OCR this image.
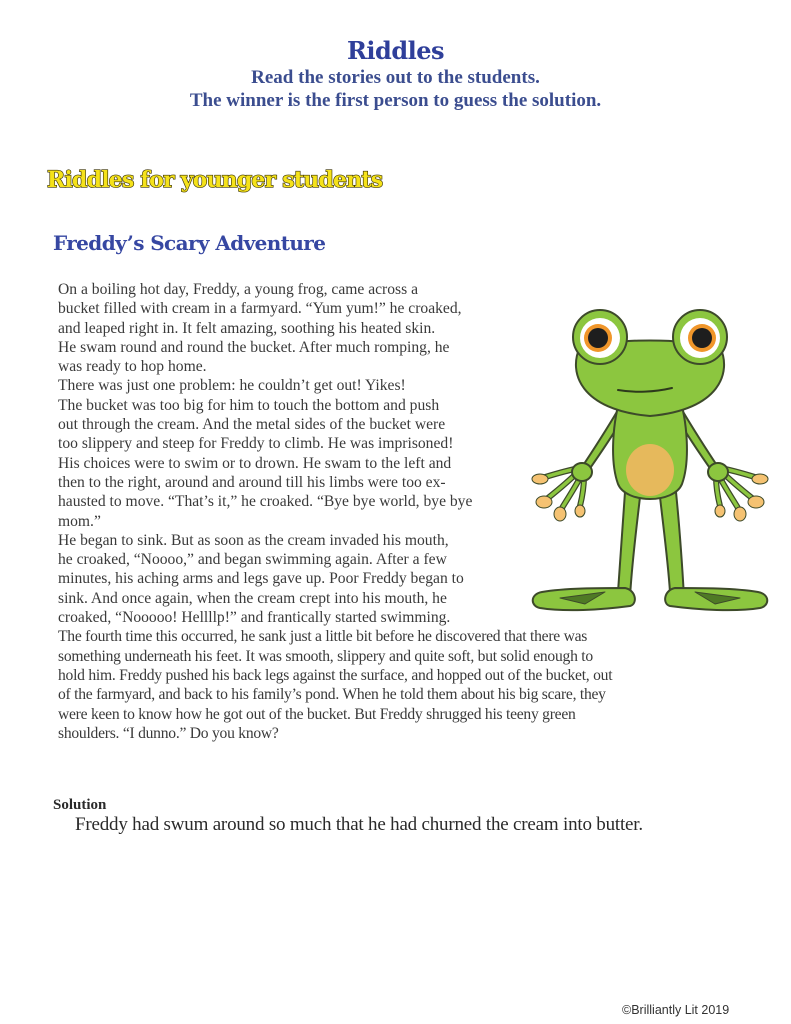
Riddles
Read the stories out to the students.
The winner is the first person to guess the solution.
Riddles for younger students
Freddy’s Scary Adventure
On a boiling hot day, Freddy, a young frog, came across a
bucket filled with cream in a farmyard. “Yum yum!” he croaked,
and leaped right in. It felt amazing, soothing his heated skin.
He swam round and round the bucket. After much romping, he
was ready to hop home.
There was just one problem: he couldn’t get out! Yikes!
The bucket was too big for him to touch the bottom and push
out through the cream. And the metal sides of the bucket were
too slippery and steep for Freddy to climb. He was imprisoned!
His choices were to swim or to drown. He swam to the left and
then to the right, around and around till his limbs were too ex-
hausted to move. “That’s it,” he croaked. “Bye bye world, bye bye
mom.”
He began to sink. But as soon as the cream invaded his mouth,
he croaked, “Noooo,” and began swimming again. After a few
minutes, his aching arms and legs gave up. Poor Freddy began to
sink. And once again, when the cream crept into his mouth, he
croaked, “Nooooo! Hellllp!” and frantically started swimming.
The fourth time this occurred, he sank just a little bit before he discovered that there was
something underneath his feet. It was smooth, slippery and quite soft, but solid enough to
hold him. Freddy pushed his back legs against the surface, and hopped out of the bucket, out
of the farmyard, and back to his family’s pond. When he told them about his big scare, they
were keen to know how he got out of the bucket. But Freddy shrugged his teeny green
shoulders. “I dunno.” Do you know?
Solution
Freddy had swum around so much that he had churned the cream into butter.
©Brilliantly Lit 2019
